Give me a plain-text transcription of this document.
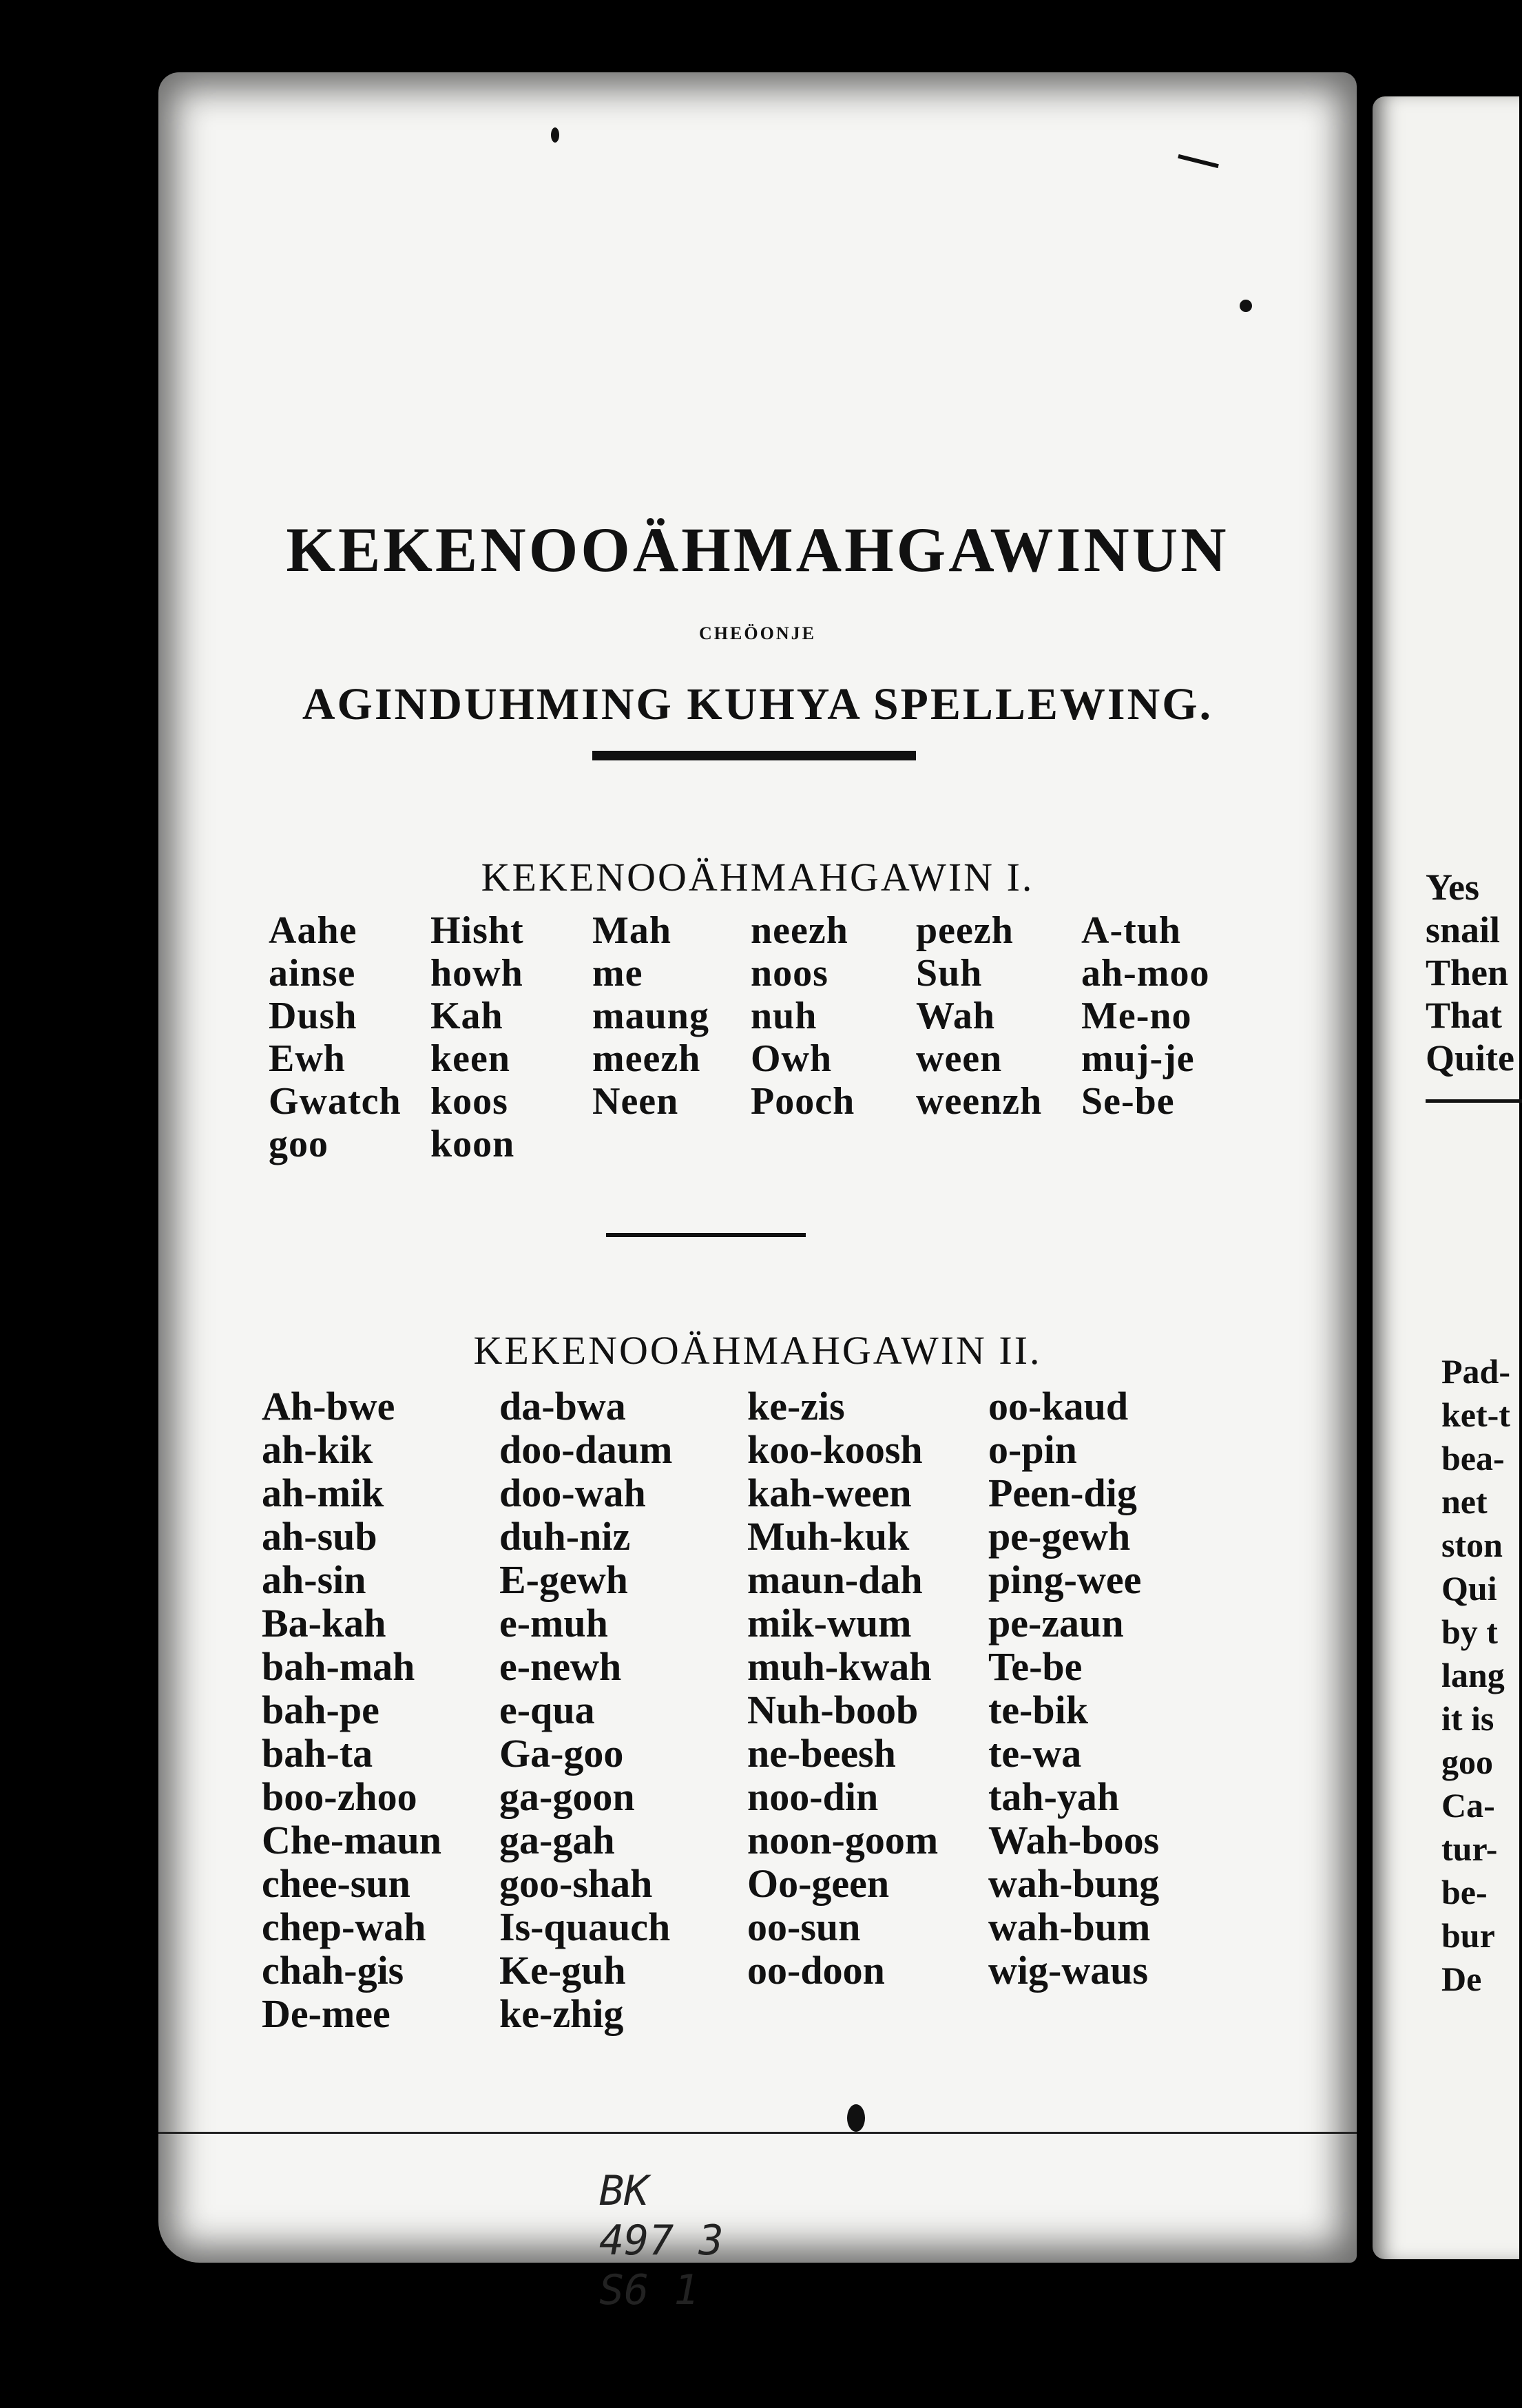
KEKENOOÄHMAHGAWINUN
CHEÖONJE
AGINDUHMING KUHYA SPELLEWING.
KEKENOOÄHMAHGAWIN I.
Aahe
ainse
Dush
Ewh
Gwatch
goo
Hisht
howh
Kah
keen
koos
koon
Mah
me
maung
meezh
Neen
neezh
noos
nuh
Owh
Pooch
peezh
Suh
Wah
ween
weenzh
A-tuh
ah-moo
Me-no
muj-je
Se-be
KEKENOOÄHMAHGAWIN II.
Ah-bwe
ah-kik
ah-mik
ah-sub
ah-sin
Ba-kah
bah-mah
bah-pe
bah-ta
boo-zhoo
Che-maun
chee-sun
chep-wah
chah-gis
De-mee
da-bwa
doo-daum
doo-wah
duh-niz
E-gewh
e-muh
e-newh
e-qua
Ga-goo
ga-goon
ga-gah
goo-shah
Is-quauch
Ke-guh
ke-zhig
ke-zis
koo-koosh
kah-ween
Muh-kuk
maun-dah
mik-wum
muh-kwah
Nuh-boob
ne-beesh
noo-din
noon-goom
Oo-geen
oo-sun
oo-doon
oo-kaud
o-pin
Peen-dig
pe-gewh
ping-wee
pe-zaun
Te-be
te-bik
te-wa
tah-yah
Wah-boos
wah-bung
wah-bum
wig-waus
BK
497 3
S6 1
Yes
snail
Then
That
Quite
Pad-
ket-t
bea-
net
ston
Qui
by t
lang
it is
goo
Ca-
tur-
be-
bur
De
